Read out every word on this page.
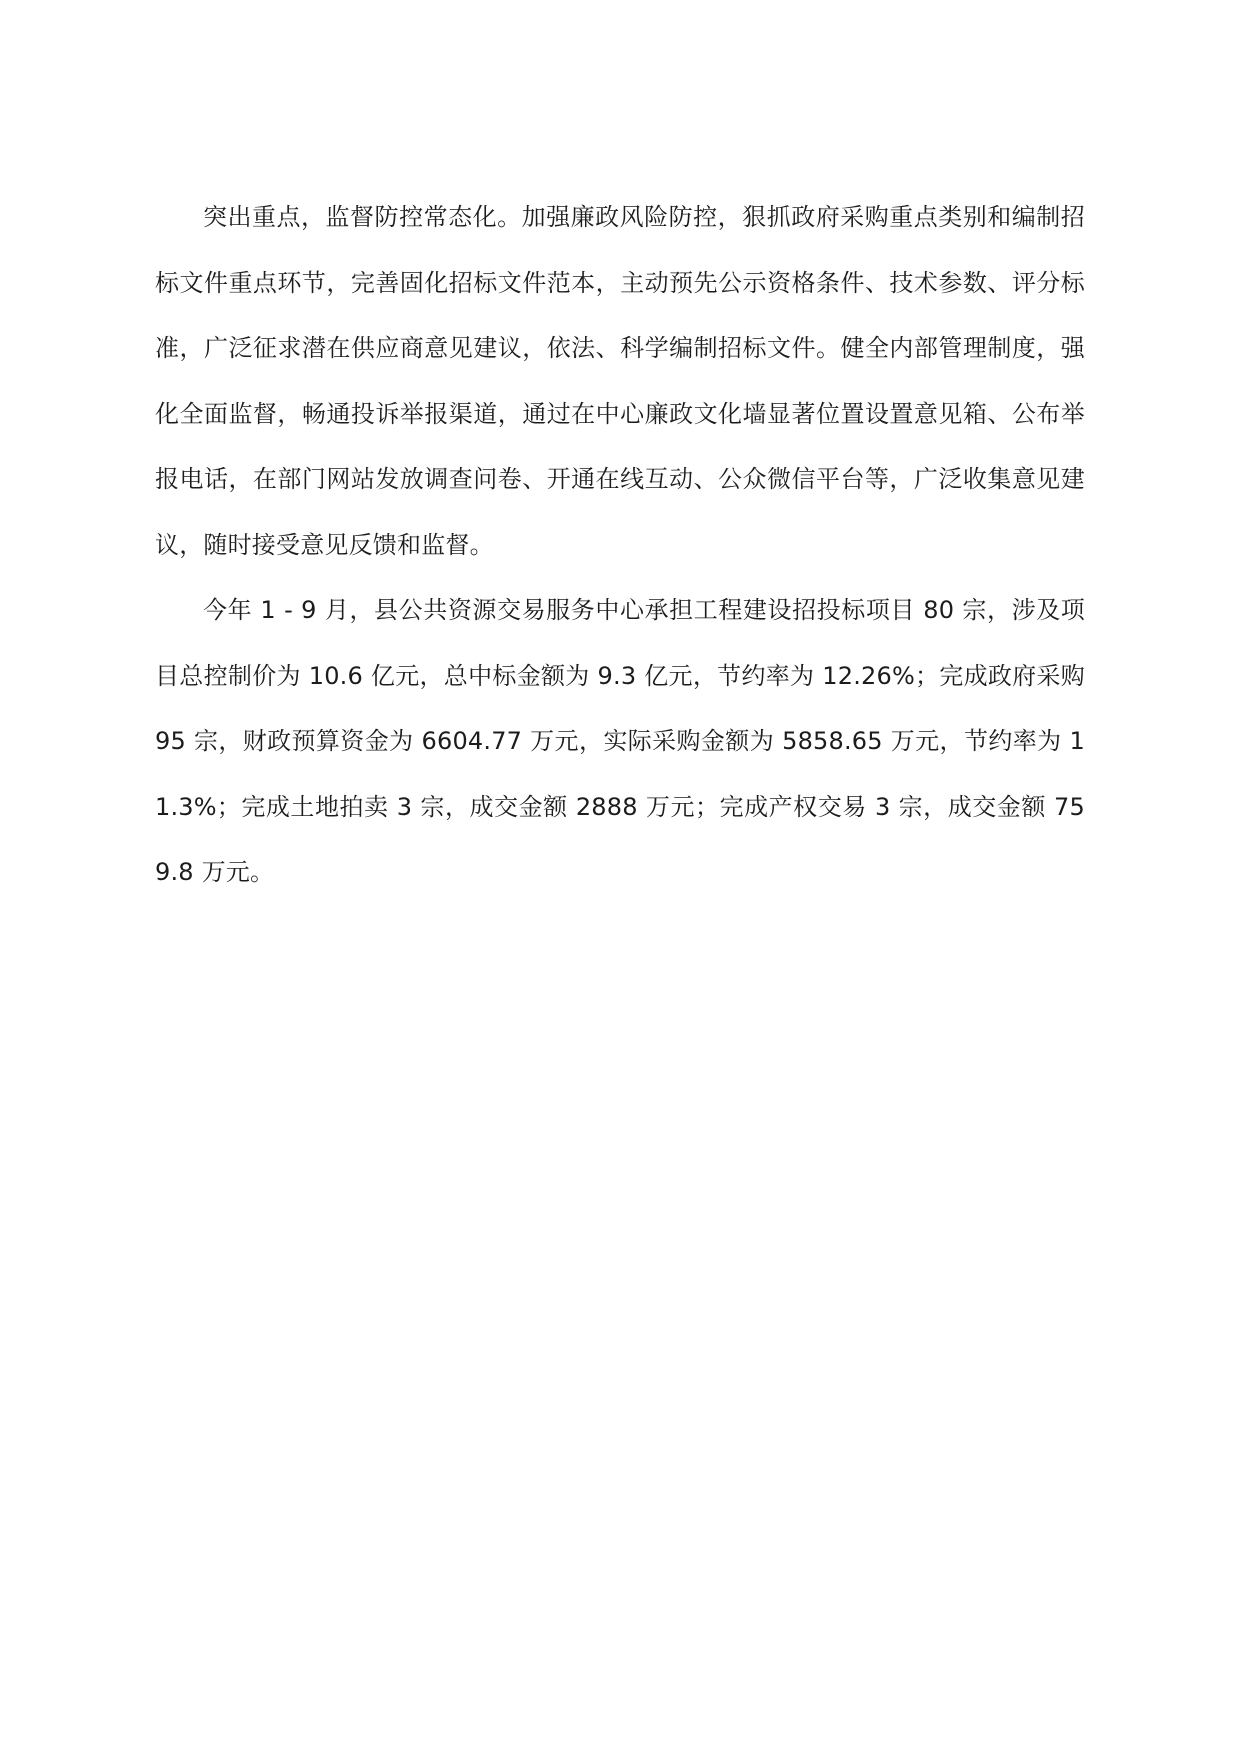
突出重点，监督防控常态化。加强廉政风险防控，狠抓政府采购重点类别和编制招标文件重点环节，完善固化招标文件范本，主动预先公示资格条件、技术参数、评分标准，广泛征求潜在供应商意见建议，依法、科学编制招标文件。健全内部管理制度，强化全面监督，畅通投诉举报渠道，通过在中心廉政文化墙显著位置设置意见箱、公布举报电话，在部门网站发放调查问卷、开通在线互动、公众微信平台等，广泛收集意见建议，随时接受意见反馈和监督。

今年 1 - 9 月，县公共资源交易服务中心承担工程建设招投标项目 80 宗，涉及项目总控制价为 10.6 亿元，总中标金额为 9.3 亿元，节约率为 12.26%；完成政府采购 95 宗，财政预算资金为 6604.77 万元，实际采购金额为 5858.65 万元，节约率为 11.3%；完成土地拍卖 3 宗，成交金额 2888 万元；完成产权交易 3 宗，成交金额 759.8 万元。
